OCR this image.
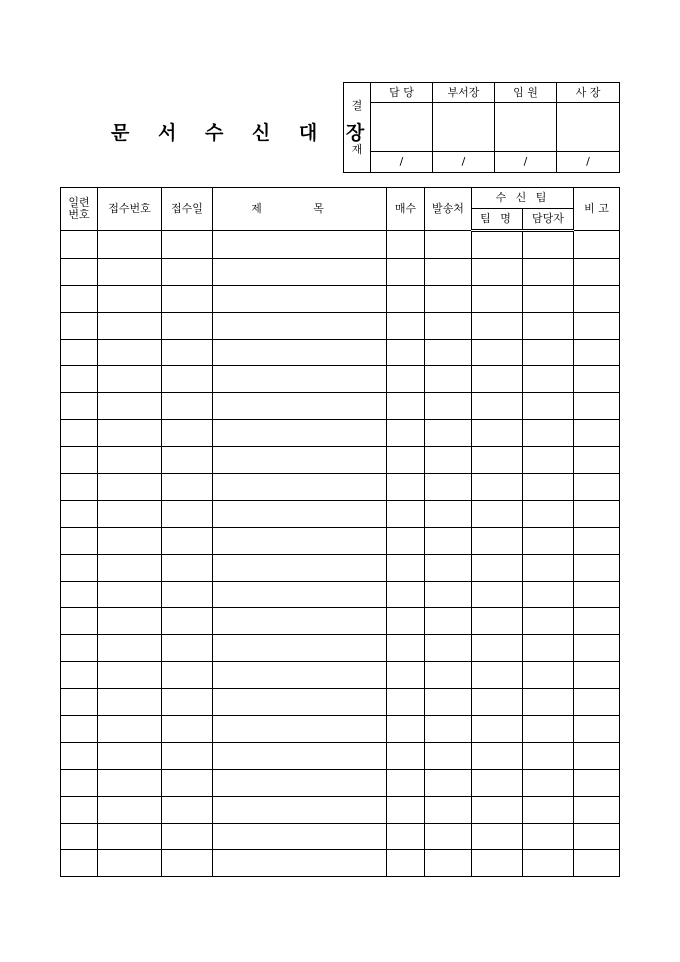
문 서 수 신 대 장
결
재	담 당	부서장	임 원	사 장

	/	/	/	/
일련
번호	접수번호	접수일	제 목	매수	발송처	수 신 팀		비 고
						팀 명	담당자	
